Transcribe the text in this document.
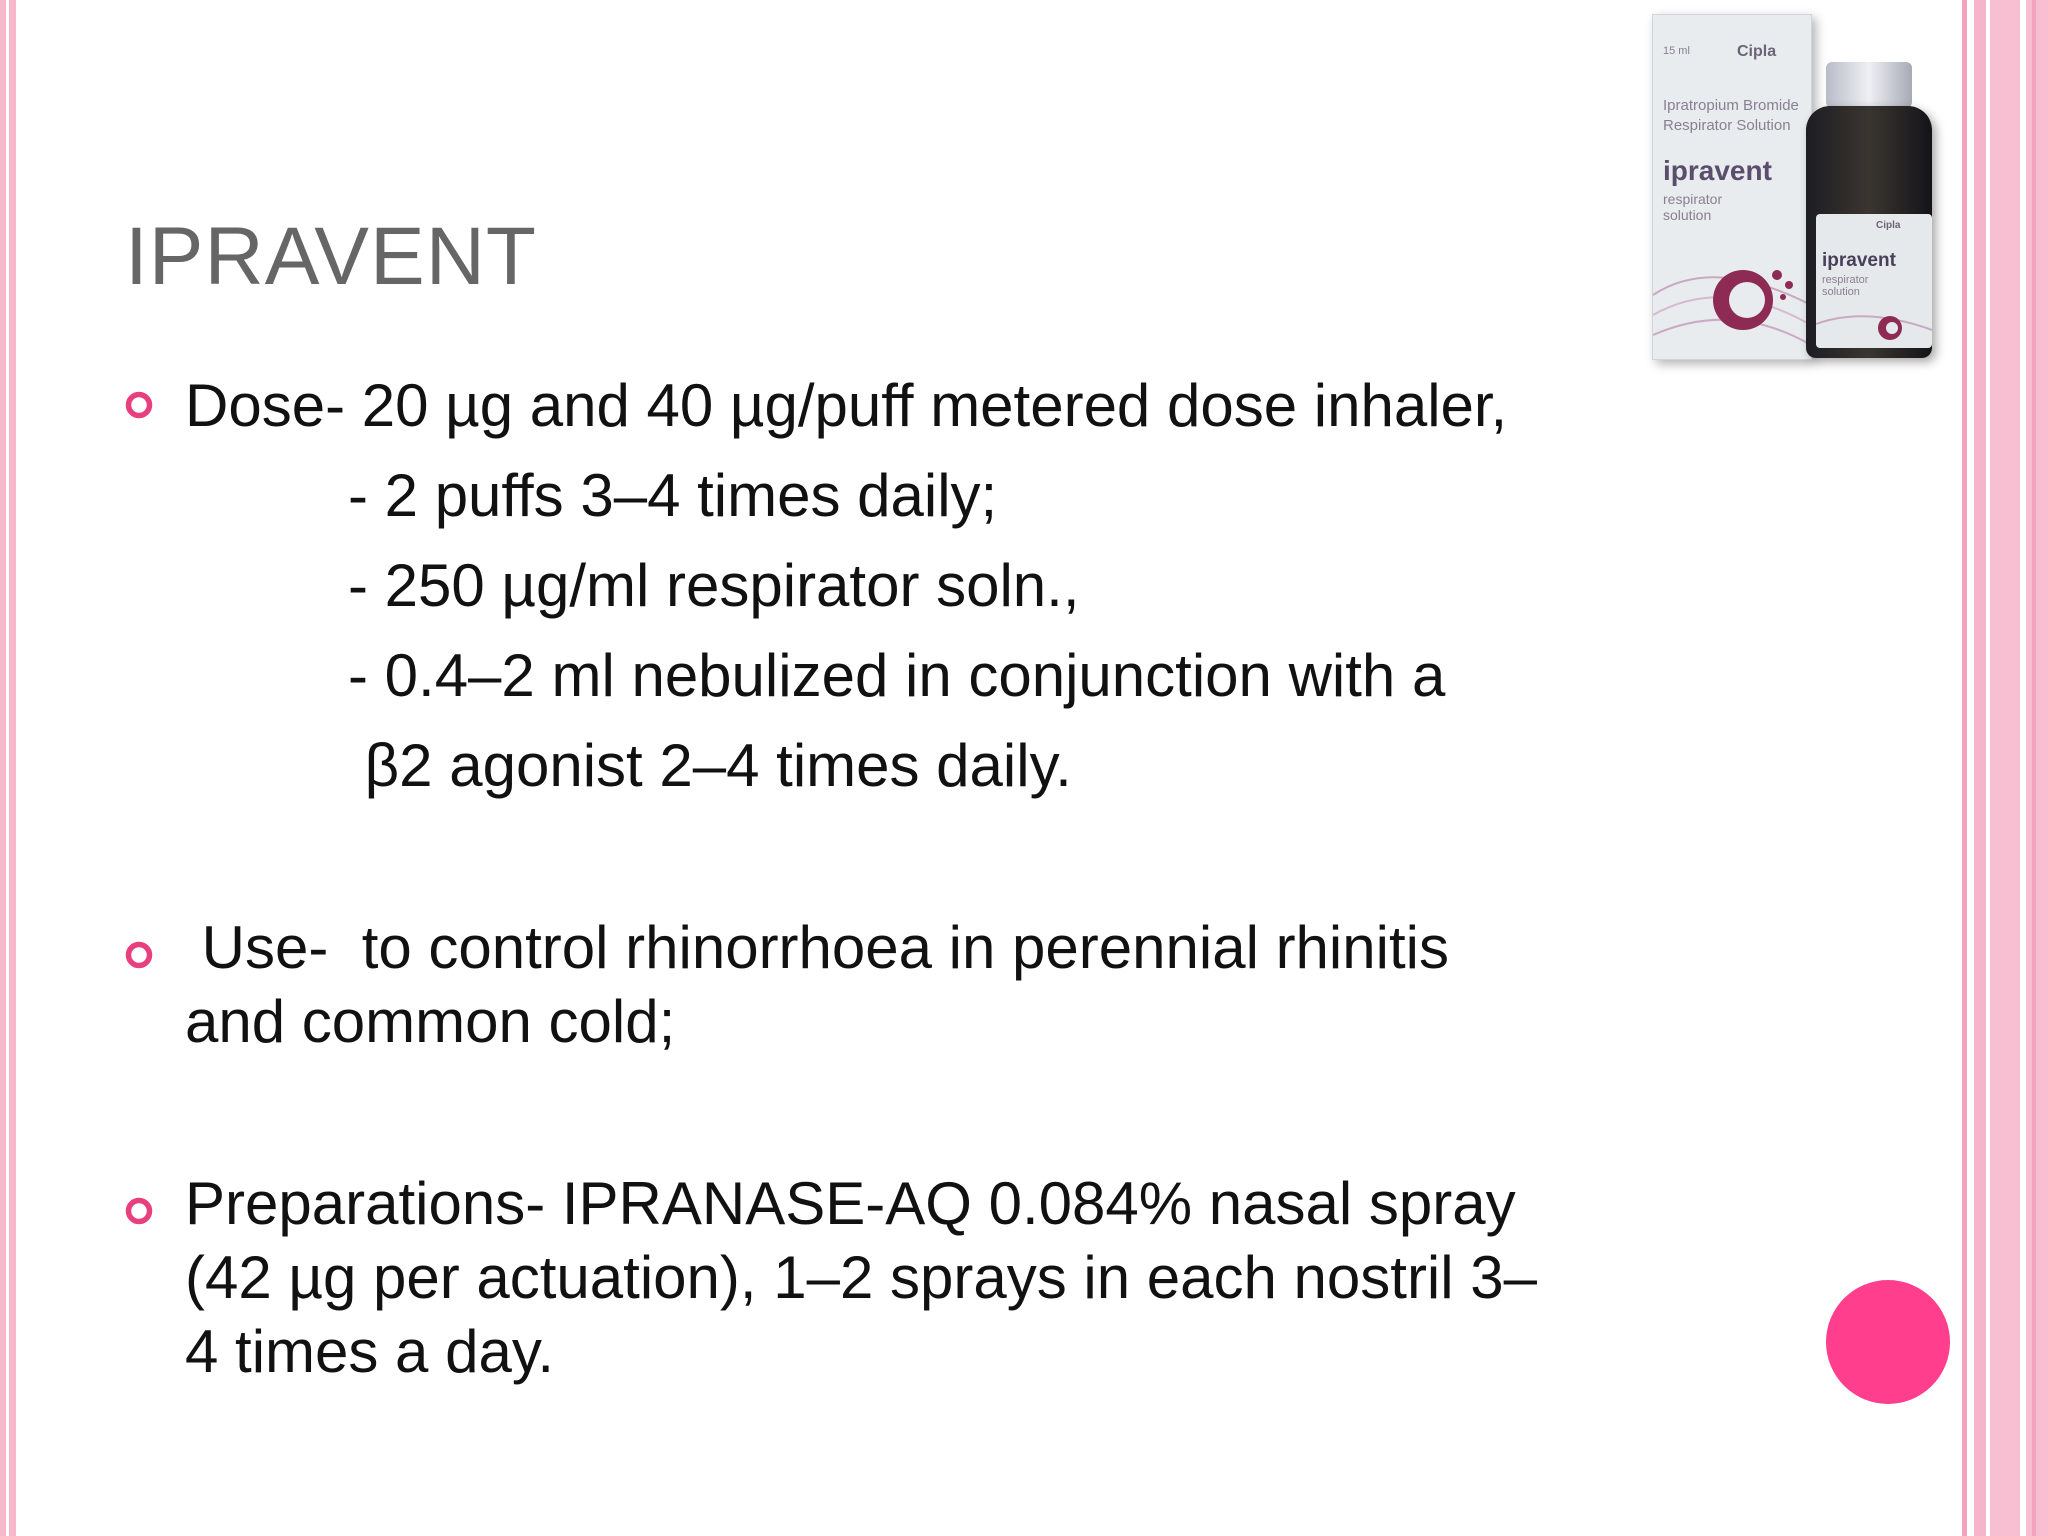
IPRAVENT
Dose- 20 µg and 40 µg/puff metered dose inhaler,
- 2 puffs 3–4 times daily;
- 250 µg/ml respirator soln.,
- 0.4–2 ml nebulized in conjunction with a
β2 agonist 2–4 times daily.
Use-  to control rhinorrhoea in perennial rhinitis
and common cold;
Preparations- IPRANASE-AQ 0.084% nasal spray
(42 µg per actuation), 1–2 sprays in each nostril 3–
4 times a day.
15 ml	Cipla
Ipratropium Bromide
Respirator Solution
ipravent
respirator
solution
Cipla
ipravent
respirator
solution
